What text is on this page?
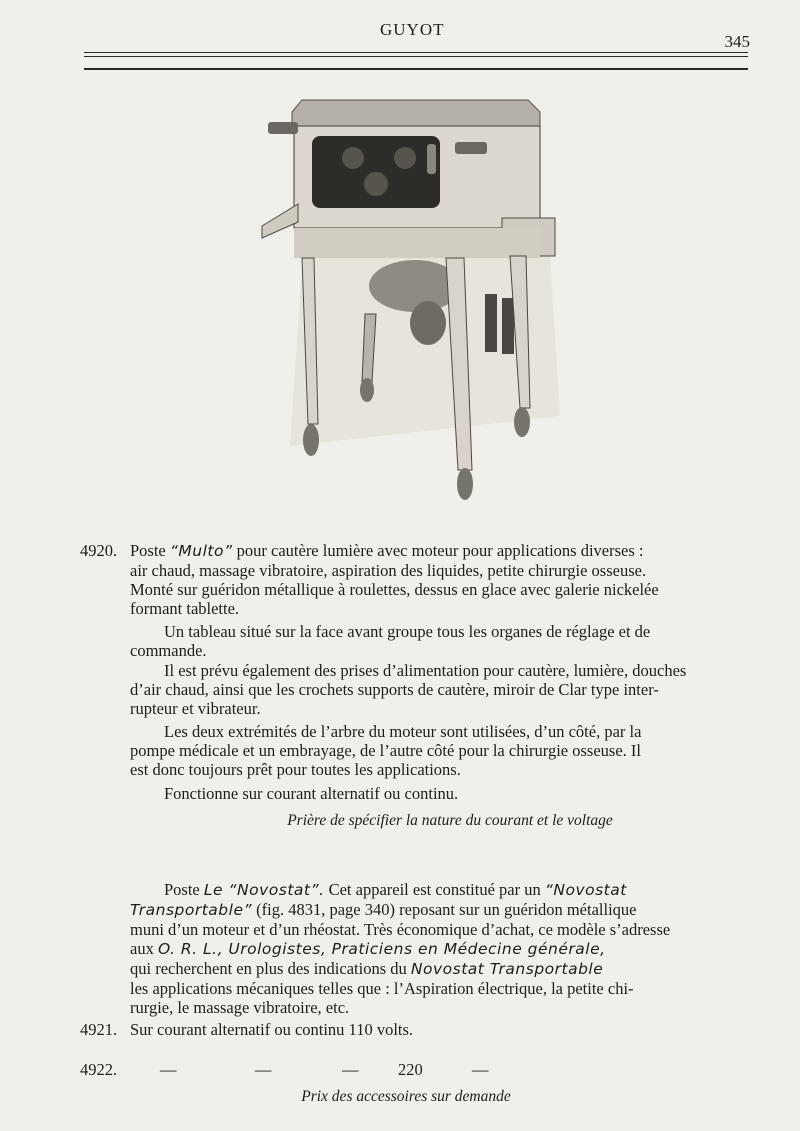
GUYOT
345
4920. Poste “Multo” pour cautère lumière avec moteur pour applications diverses :
air chaud, massage vibratoire, aspiration des liquides, petite chirurgie osseuse.
Monté sur guéridon métallique à roulettes, dessus en glace avec galerie nickelée
formant tablette.
Un tableau situé sur la face avant groupe tous les organes de réglage et de
commande.
Il est prévu également des prises d’alimentation pour cautère, lumière, douches
d’air chaud, ainsi que les crochets supports de cautère, miroir de Clar type inter-
rupteur et vibrateur.
Les deux extrémités de l’arbre du moteur sont utilisées, d’un côté, par la
pompe médicale et un embrayage, de l’autre côté pour la chirurgie osseuse. Il
est donc toujours prêt pour toutes les applications.
Fonctionne sur courant alternatif ou continu.
Prière de spécifier la nature du courant et le voltage
Poste Le “Novostat”. Cet appareil est constitué par un “Novostat
Transportable” (fig. 4831, page 340) reposant sur un guéridon métallique
muni d’un moteur et d’un rhéostat. Très économique d’achat, ce modèle s’adresse
aux O. R. L., Urologistes, Praticiens en Médecine générale,
qui recherchent en plus des indications du Novostat Transportable
les applications mécaniques telles que : l’Aspiration électrique, la petite chi-
rurgie, le massage vibratoire, etc.
4921. Sur courant alternatif ou continu 110 volts.
4922.	—	—	— 220	—
Prix des accessoires sur demande
